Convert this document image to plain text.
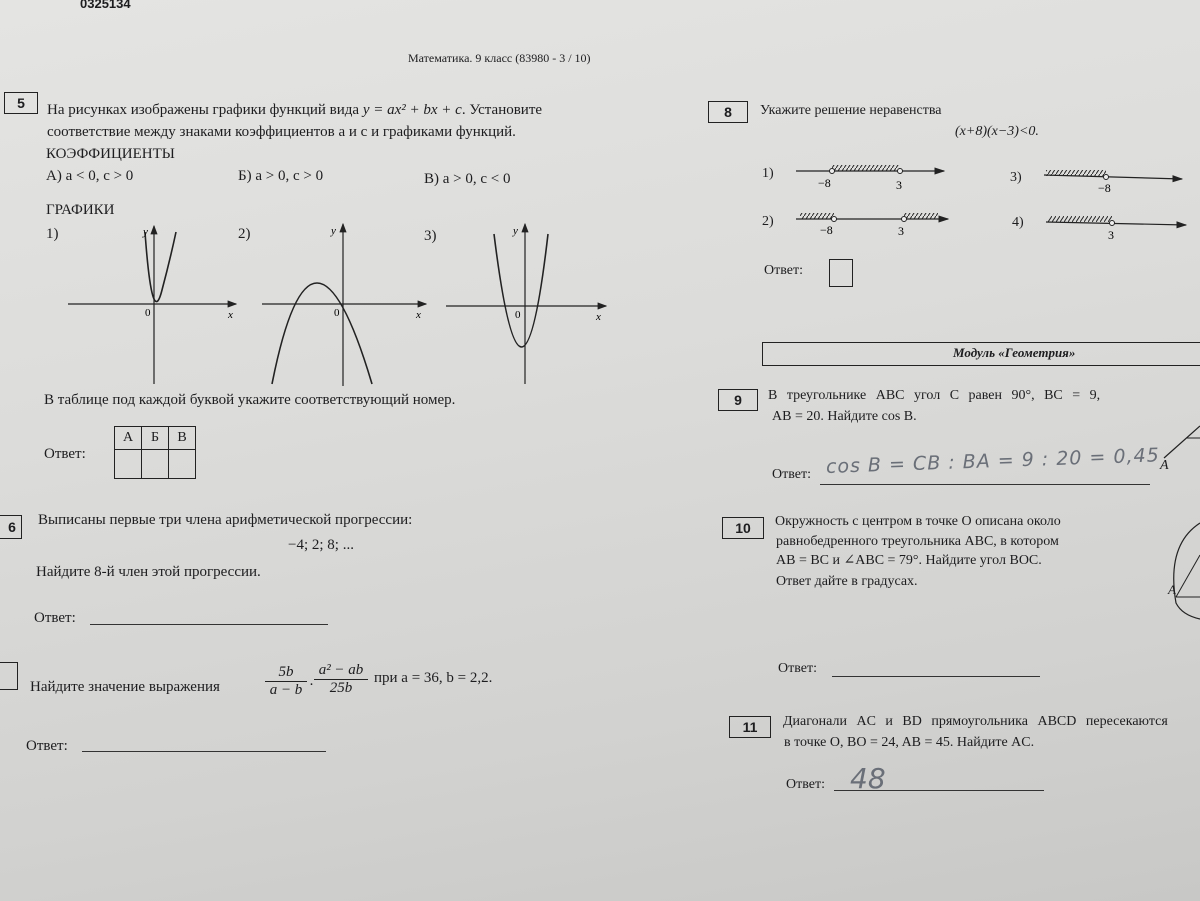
0325134
Математика. 9 класс (83980 - 3 / 10)
5 На рисунках изображены графики функций вида y = ax² + bx + c. Установите
соответствие между знаками коэффициентов a и c и графиками функций.
КОЭФФИЦИЕНТЫ
А) a < 0, c > 0	Б) a > 0, c > 0	В) a > 0, c < 0
ГРАФИКИ
1)	2)	3)
y
x
0
y
x
0
y
x
0
В таблице под каждой буквой укажите соответствующий номер.
Ответ:
А	Б	В

6 Выписаны первые три члена арифметической прогрессии:
−4; 2; 8; ...
Найдите 8-й член этой прогрессии.
Ответ:
Найдите значение выражения	$\frac{5b}{a - b} \cdot \frac{\text{a² − ab}}{25b}$ при a = 36, b = 2,2.
Ответ:
8 Укажите решение неравенства
(x+8)(x−3)<0.
1)
2)
3)
4)
−8	3
−8	3
−8
3
Ответ:
Модуль «Геометрия»
9 В треугольнике ABC угол C равен 90°, BC = 9,
AB = 20. Найдите cos B.
Ответ: cos B = CB : BA = 9 : 20 = 0,45 A
10 Окружность с центром в точке O описана около
равнобедренного треугольника ABC, в котором
AB = BC и ∠ABC = 79°. Найдите угол BOC.
Ответ дайте в градусах.
Ответ:
A
11 Диагонали AC и BD прямоугольника ABCD пересекаются
в точке O, BO = 24, AB = 45. Найдите AC.
Ответ: 48
